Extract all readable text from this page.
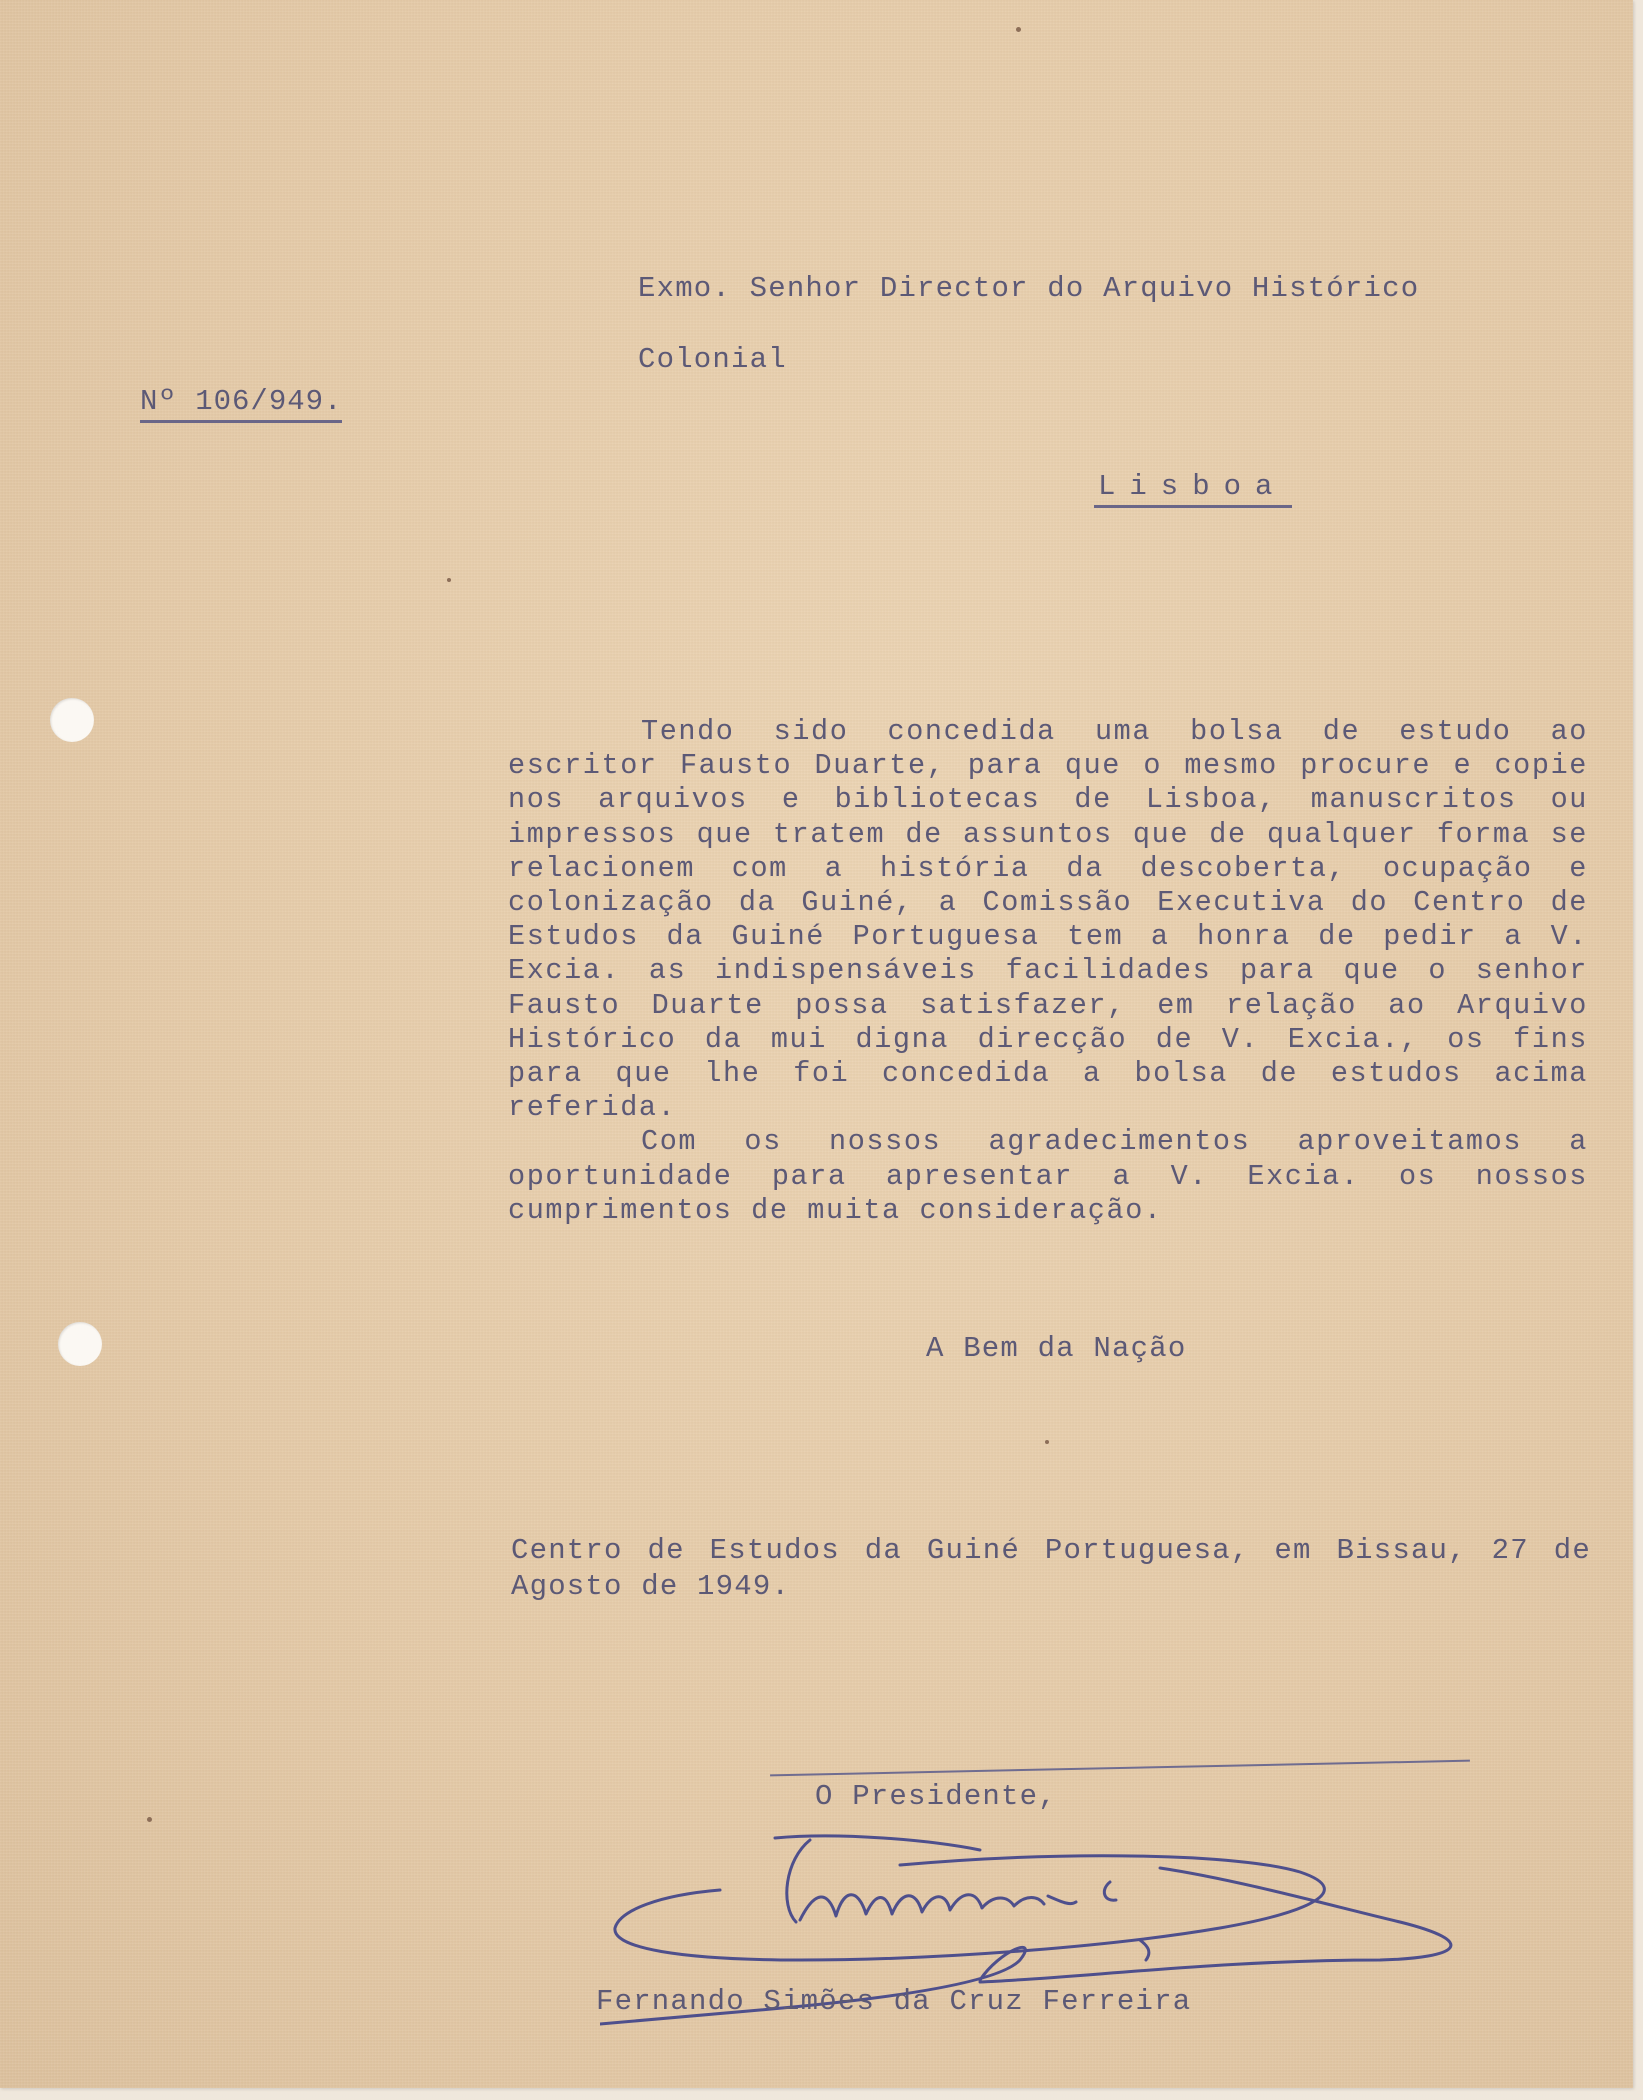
Exmo. Senhor Director do Arquivo Histórico

Colonial

Nº 106/949.

Lisboa

Tendo sido concedida uma bolsa de estudo ao escritor Fausto Duarte, para que o mesmo procure e copie nos arquivos e bibliotecas de Lisboa, manuscritos ou impressos que tratem de assuntos que de qualquer forma se relacionem com a história da descoberta, ocupação e colonização da Guiné, a Comissão Executiva do Centro de Estudos da Guiné Portuguesa tem a honra de pedir a V. Excia. as indispensáveis facilidades para que o senhor Fausto Duarte possa satisfazer, em relação ao Arquivo Histórico da mui digna direcção de V. Excia., os fins para que lhe foi concedida a bolsa de estudos acima referida.

Com os nossos agradecimentos aproveitamos a oportunidade para apresentar a V. Excia. os nossos cumprimentos de muita consideração.

A Bem da Nação

Centro de Estudos da Guiné Portuguesa, em Bissau, 27 de Agosto de 1949.

O Presidente,

Fernando Simões da Cruz Ferreira
